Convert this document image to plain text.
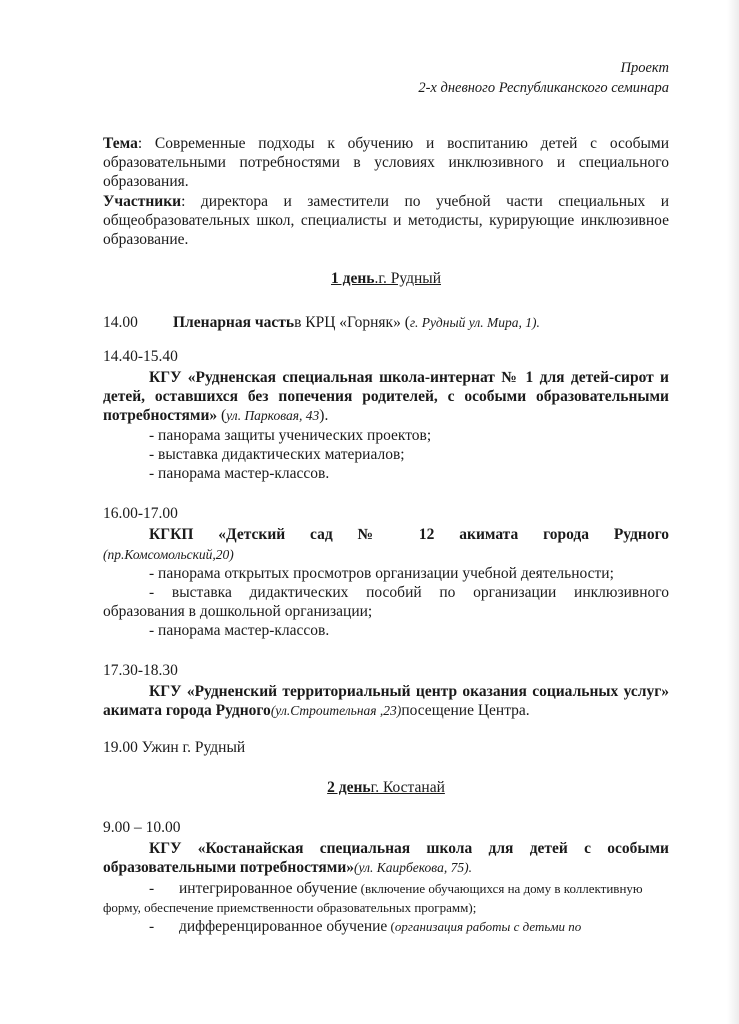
Проект
2-х дневного Республиканского семинара
Тема: Современные подходы к обучению и воспитанию детей с особыми образовательными потребностями в условиях инклюзивного и специального образования.
Участники: директора и заместители по учебной части специальных и общеобразовательных школ, специалисты и методисты, курирующие инклюзивное образование.
1 день.г. Рудный
14.00 Пленарная частьв КРЦ «Горняк» (г. Рудный ул. Мира, 1).
14.40-15.40
КГУ «Рудненская специальная школа-интернат № 1 для детей-сирот и детей, оставшихся без попечения родителей, с особыми образовательными потребностями» (ул. Парковая, 43).
- панорама защиты ученических проектов;
- выставка дидактических материалов;
- панорама мастер-классов.
16.00-17.00
КГКП «Детский сад № 12 акимата города Рудного
(пр.Комсомольский,20)
- панорама открытых просмотров организации учебной деятельности;
- выставка дидактических пособий по организации инклюзивного образования в дошкольной организации;
- панорама мастер-классов.
17.30-18.30
КГУ «Рудненский территориальный центр оказания социальных услуг» акимата города Рудного(ул.Строительная ,23)посещение Центра.
19.00 Ужин г. Рудный
2 деньг. Костанай
9.00 – 10.00
КГУ «Костанайская специальная школа для детей с особыми образовательными потребностями»(ул. Каирбекова, 75).
- интегрированное обучение (включение обучающихся на дому в коллективную форму, обеспечение приемственности образовательных программ);
- дифференцированное обучение (организация работы с детьми по
